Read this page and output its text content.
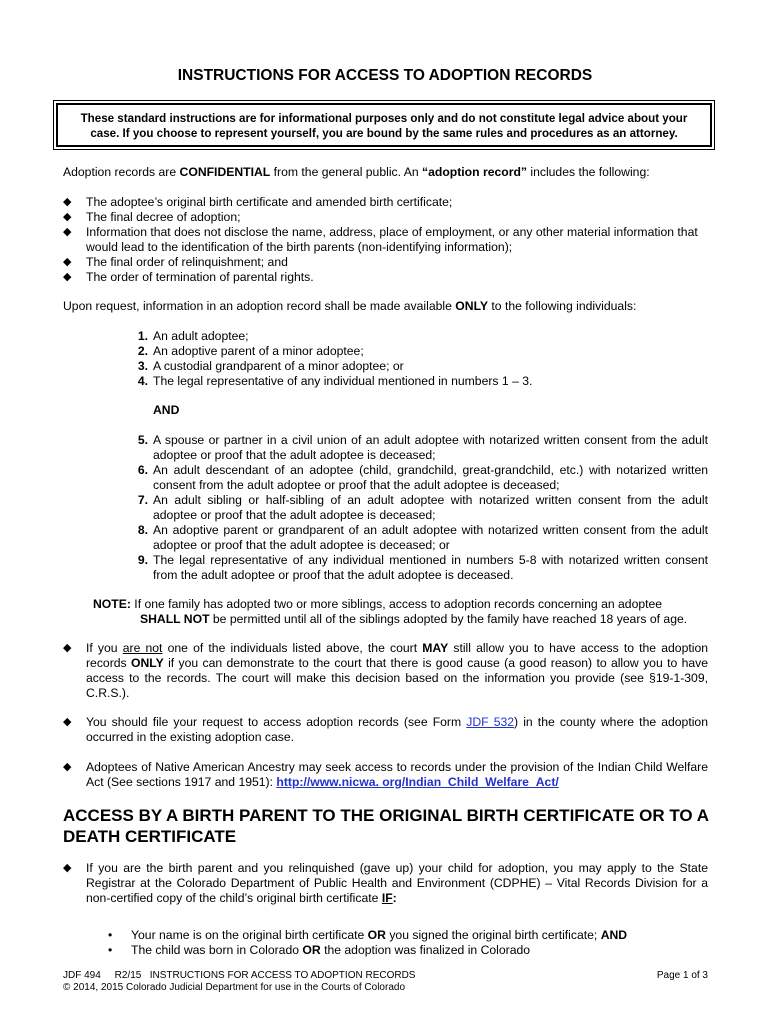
INSTRUCTIONS FOR ACCESS TO ADOPTION RECORDS
These standard instructions are for informational purposes only and do not constitute legal advice about your
case. If you choose to represent yourself, you are bound by the same rules and procedures as an attorney.
Adoption records are CONFIDENTIAL from the general public. An “adoption record” includes the following:
◆ The adoptee’s original birth certificate and amended birth certificate;
◆ The final decree of adoption;
◆ Information that does not disclose the name, address, place of employment, or any other material information that would lead to the identification of the birth parents (non-identifying information);
◆ The final order of relinquishment; and
◆ The order of termination of parental rights.
Upon request, information in an adoption record shall be made available ONLY to the following individuals:
1. An adult adoptee;
2. An adoptive parent of a minor adoptee;
3. A custodial grandparent of a minor adoptee; or
4. The legal representative of any individual mentioned in numbers 1 – 3.
AND
5. A spouse or partner in a civil union of an adult adoptee with notarized written consent from the adult adoptee or proof that the adult adoptee is deceased;
6. An adult descendant of an adoptee (child, grandchild, great-grandchild, etc.) with notarized written consent from the adult adoptee or proof that the adult adoptee is deceased;
7. An adult sibling or half-sibling of an adult adoptee with notarized written consent from the adult adoptee or proof that the adult adoptee is deceased;
8. An adoptive parent or grandparent of an adult adoptee with notarized written consent from the adult adoptee or proof that the adult adoptee is deceased; or
9. The legal representative of any individual mentioned in numbers 5-8 with notarized written consent from the adult adoptee or proof that the adult adoptee is deceased.
NOTE: If one family has adopted two or more siblings, access to adoption records concerning an adoptee
SHALL NOT be permitted until all of the siblings adopted by the family have reached 18 years of age.
◆ If you are not one of the individuals listed above, the court MAY still allow you to have access to the adoption records ONLY if you can demonstrate to the court that there is good cause (a good reason) to allow you to have access to the records. The court will make this decision based on the information you provide (see §19-1-309, C.R.S.).
◆ You should file your request to access adoption records (see Form JDF 532) in the county where the adoption occurred in the existing adoption case.
◆ Adoptees of Native American Ancestry may seek access to records under the provision of the Indian Child Welfare Act (See sections 1917 and 1951): http://www.nicwa. org/Indian_Child_Welfare_Act/
ACCESS BY A BIRTH PARENT TO THE ORIGINAL BIRTH CERTIFICATE OR TO A DEATH CERTIFICATE
◆ If you are the birth parent and you relinquished (gave up) your child for adoption, you may apply to the State Registrar at the Colorado Department of Public Health and Environment (CDPHE) – Vital Records Division for a non-certified copy of the child’s original birth certificate IF:
• Your name is on the original birth certificate OR you signed the original birth certificate; AND
• The child was born in Colorado OR the adoption was finalized in Colorado
JDF 494     R2/15   INSTRUCTIONS FOR ACCESS TO ADOPTION RECORDS
© 2014, 2015 Colorado Judicial Department for use in the Courts of Colorado
Page 1 of 3
